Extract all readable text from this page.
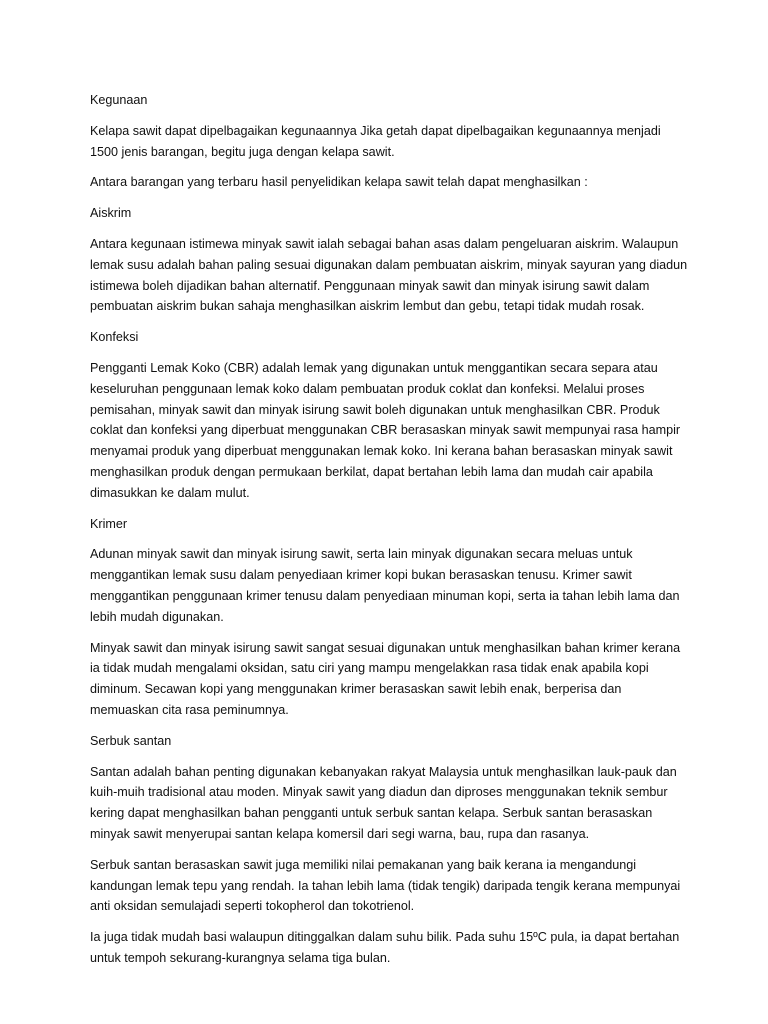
Kegunaan

Kelapa sawit dapat dipelbagaikan kegunaannya Jika getah dapat dipelbagaikan kegunaannya menjadi 1500 jenis barangan, begitu juga dengan kelapa sawit.

Antara barangan yang terbaru hasil penyelidikan kelapa sawit telah dapat menghasilkan :

Aiskrim

Antara kegunaan istimewa minyak sawit ialah sebagai bahan asas dalam pengeluaran aiskrim. Walaupun lemak susu adalah bahan paling sesuai digunakan dalam pembuatan aiskrim, minyak sayuran yang diadun istimewa boleh dijadikan bahan alternatif. Penggunaan minyak sawit dan minyak isirung sawit dalam pembuatan aiskrim bukan sahaja menghasilkan aiskrim lembut dan gebu, tetapi tidak mudah rosak.

Konfeksi

Pengganti Lemak Koko (CBR) adalah lemak yang digunakan untuk menggantikan secara separa atau keseluruhan penggunaan lemak koko dalam pembuatan produk coklat dan konfeksi. Melalui proses pemisahan, minyak sawit dan minyak isirung sawit boleh digunakan untuk menghasilkan CBR. Produk coklat dan konfeksi yang diperbuat menggunakan CBR berasaskan minyak sawit mempunyai rasa hampir menyamai produk yang diperbuat menggunakan lemak koko. Ini kerana bahan berasaskan minyak sawit menghasilkan produk dengan permukaan berkilat, dapat bertahan lebih lama dan mudah cair apabila dimasukkan ke dalam mulut.

Krimer

Adunan minyak sawit dan minyak isirung sawit, serta lain minyak digunakan secara meluas untuk menggantikan lemak susu dalam penyediaan krimer kopi bukan berasaskan tenusu. Krimer sawit menggantikan penggunaan krimer tenusu dalam penyediaan minuman kopi, serta ia tahan lebih lama dan lebih mudah digunakan.

Minyak sawit dan minyak isirung sawit sangat sesuai digunakan untuk menghasilkan bahan krimer kerana ia tidak mudah mengalami oksidan, satu ciri yang mampu mengelakkan rasa tidak enak apabila kopi diminum. Secawan kopi yang menggunakan krimer berasaskan sawit lebih enak, berperisa dan memuaskan cita rasa peminumnya.

Serbuk santan

Santan adalah bahan penting digunakan kebanyakan rakyat Malaysia untuk menghasilkan lauk-pauk dan kuih-muih tradisional atau moden. Minyak sawit yang diadun dan diproses menggunakan teknik sembur kering dapat menghasilkan bahan pengganti untuk serbuk santan kelapa. Serbuk santan berasaskan minyak sawit menyerupai santan kelapa komersil dari segi warna, bau, rupa dan rasanya.

Serbuk santan berasaskan sawit juga memiliki nilai pemakanan yang baik kerana ia mengandungi kandungan lemak tepu yang rendah. Ia tahan lebih lama (tidak tengik) daripada tengik kerana mempunyai anti oksidan semulajadi seperti tokopherol dan tokotrienol.

Ia juga tidak mudah basi walaupun ditinggalkan dalam suhu bilik. Pada suhu 15ºC pula, ia dapat bertahan untuk tempoh sekurang-kurangnya selama tiga bulan.
